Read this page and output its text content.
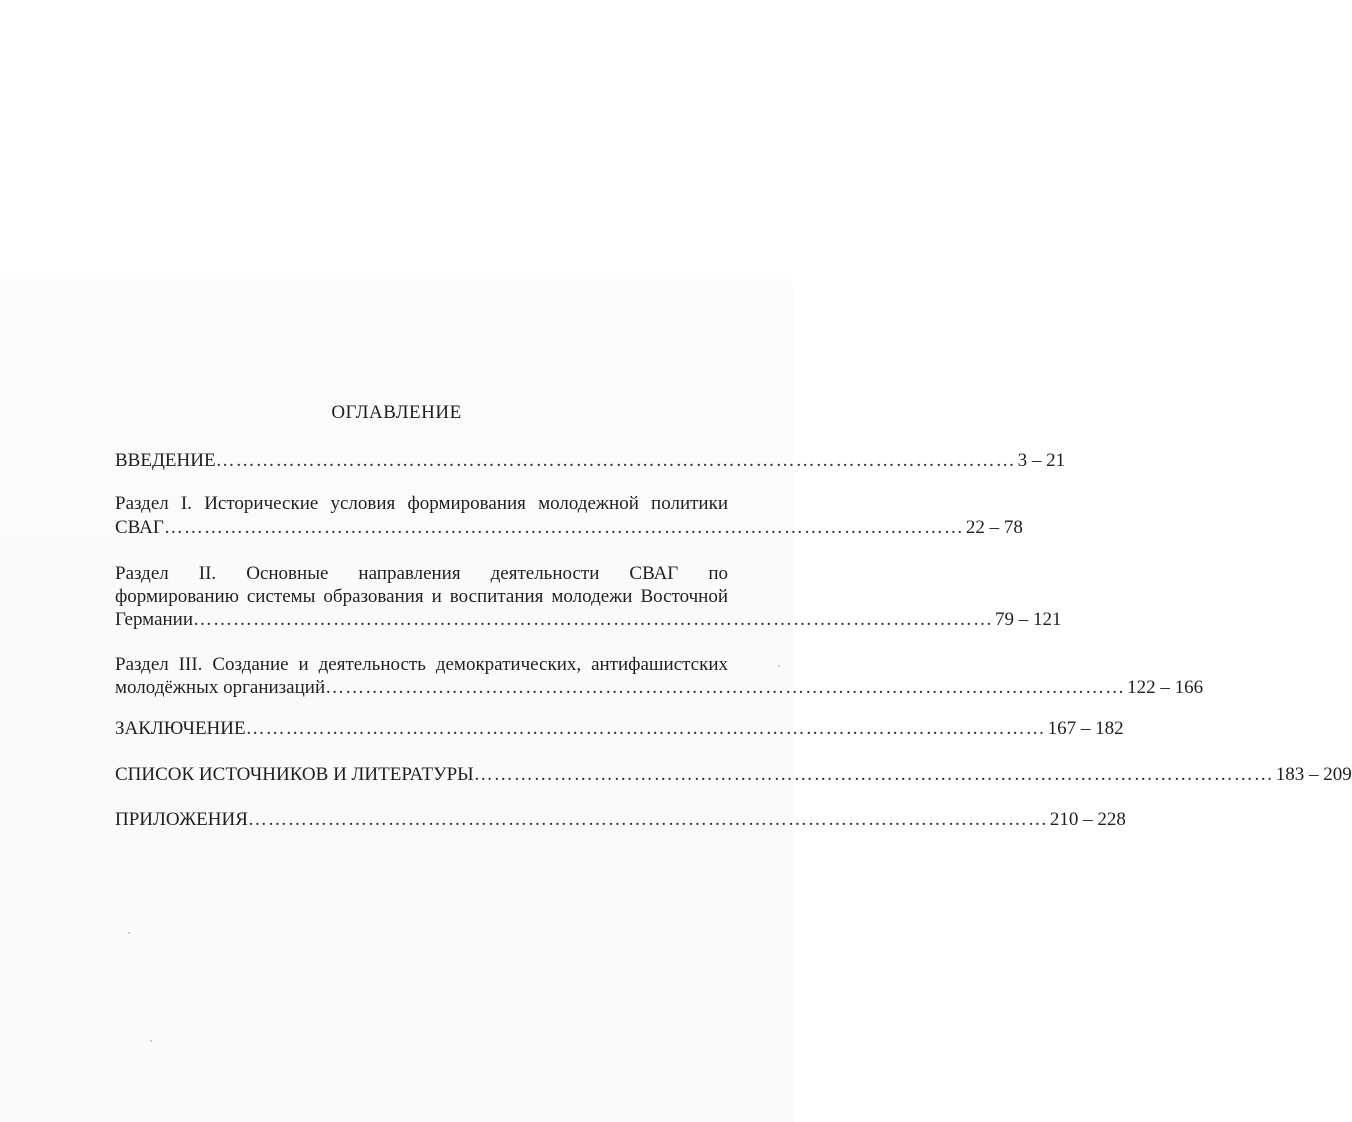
ОГЛАВЛЕНИЕ
ВВЕДЕНИЕ ………………………………………………………………………………………………………… 3 – 21
Раздел I. Исторические условия формирования молодежной политики
СВАГ ………………………………………………………………………………………………………… 22 – 78
Раздел II. Основные направления деятельности СВАГ по
формированию системы образования и воспитания молодежи Восточной
Германии ………………………………………………………………………………………………………… 79 – 121
Раздел III. Создание и деятельность демократических, антифашистских
молодёжных организаций ………………………………………………………………………………………………………… 122 – 166
ЗАКЛЮЧЕНИЕ ………………………………………………………………………………………………………… 167 – 182
СПИСОК ИСТОЧНИКОВ И ЛИТЕРАТУРЫ ………………………………………………………………………………………………………… 183 – 209
ПРИЛОЖЕНИЯ ………………………………………………………………………………………………………… 210 – 228
